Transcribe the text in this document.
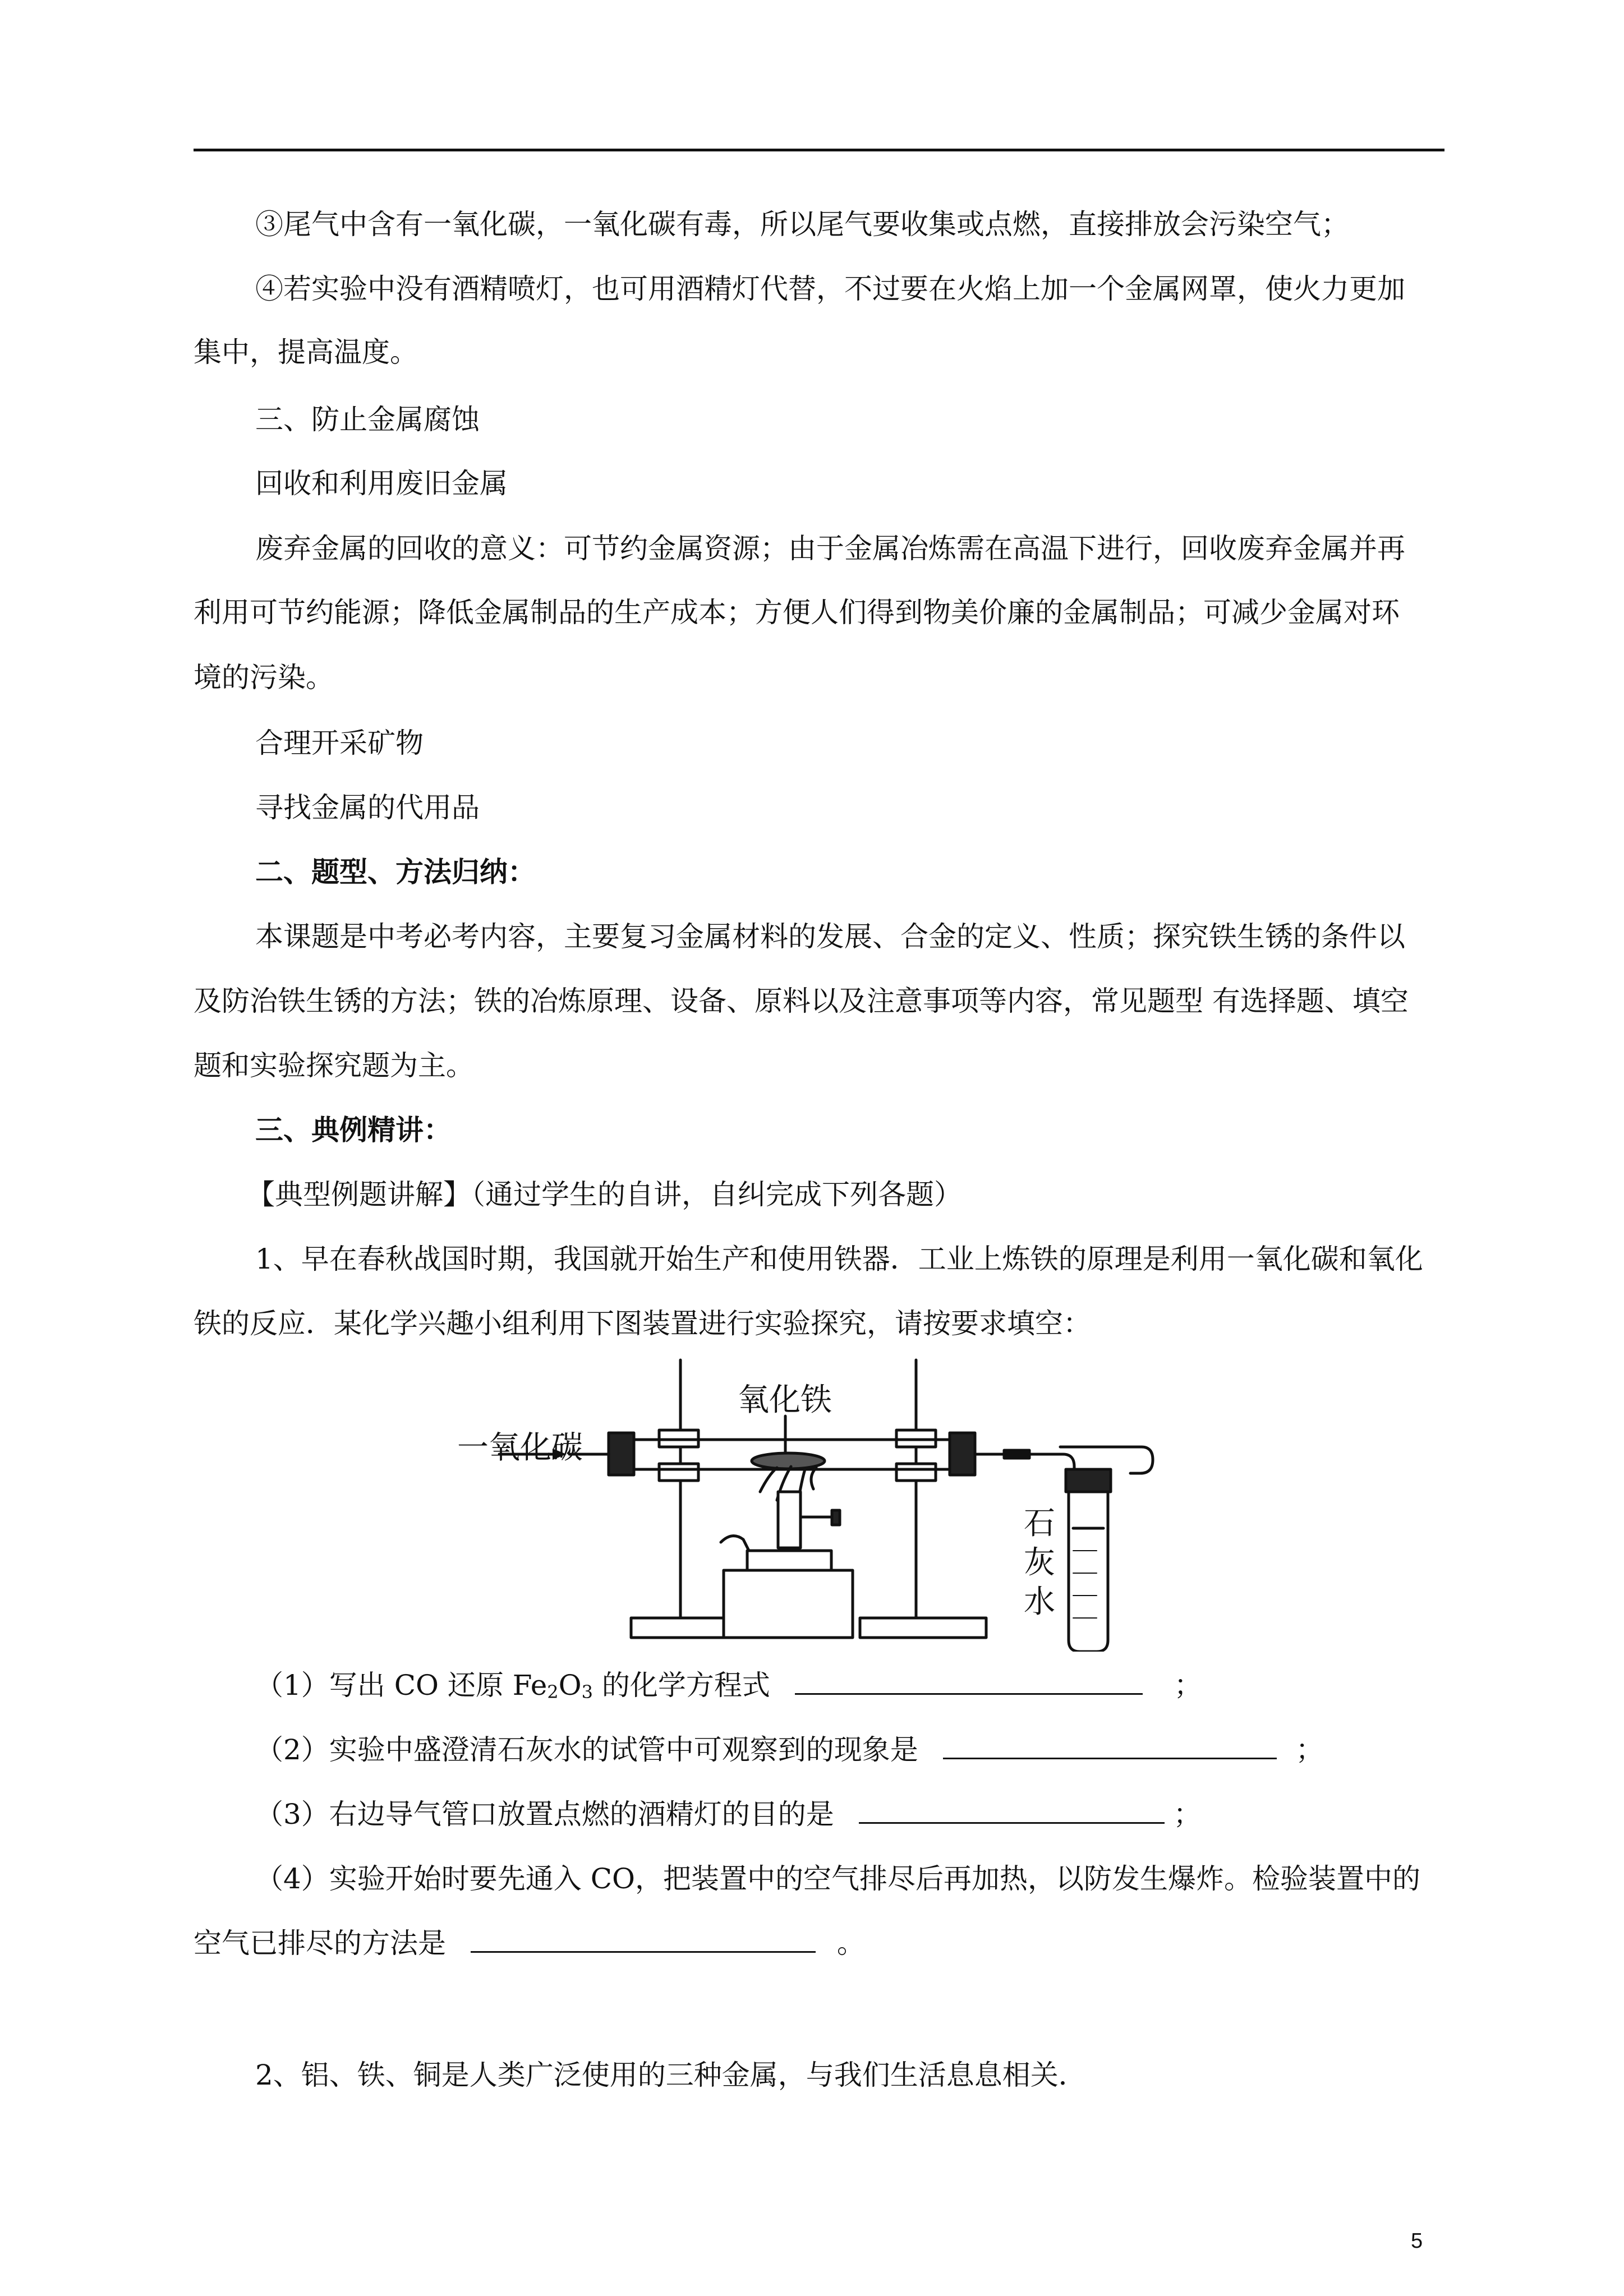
③尾气中含有一氧化碳，一氧化碳有毒，所以尾气要收集或点燃，直接排放会污染空气；
④若实验中没有酒精喷灯，也可用酒精灯代替，不过要在火焰上加一个金属网罩，使火力更加
集中，提高温度。
三、防止金属腐蚀
回收和利用废旧金属
废弃金属的回收的意义：可节约金属资源；由于金属冶炼需在高温下进行，回收废弃金属并再
利用可节约能源；降低金属制品的生产成本；方便人们得到物美价廉的金属制品；可减少金属对环
境的污染。
合理开采矿物
寻找金属的代用品
二、题型、方法归纳：
本课题是中考必考内容，主要复习金属材料的发展、合金的定义、性质；探究铁生锈的条件以
及防治铁生锈的方法；铁的冶炼原理、设备、原料以及注意事项等内容，常见题型 有选择题、填空
题和实验探究题为主。
三、典例精讲：
【典型例题讲解】（通过学生的自讲，自纠完成下列各题）
1、早在春秋战国时期，我国就开始生产和使用铁器．工业上炼铁的原理是利用一氧化碳和氧化
铁的反应．某化学兴趣小组利用下图装置进行实验探究，请按要求填空：
一氧化碳
氧化铁
石
灰
水
（1）写出 CO 还原 $Fe_2O_3$ 的化学方程式	；
（2）实验中盛澄清石灰水的试管中可观察到的现象是	；
（3）右边导气管口放置点燃的酒精灯的目的是	；
（4）实验开始时要先通入 CO，把装置中的空气排尽后再加热，以防发生爆炸。检验装置中的
空气已排尽的方法是	。
2、铝、铁、铜是人类广泛使用的三种金属，与我们生活息息相关．
5
